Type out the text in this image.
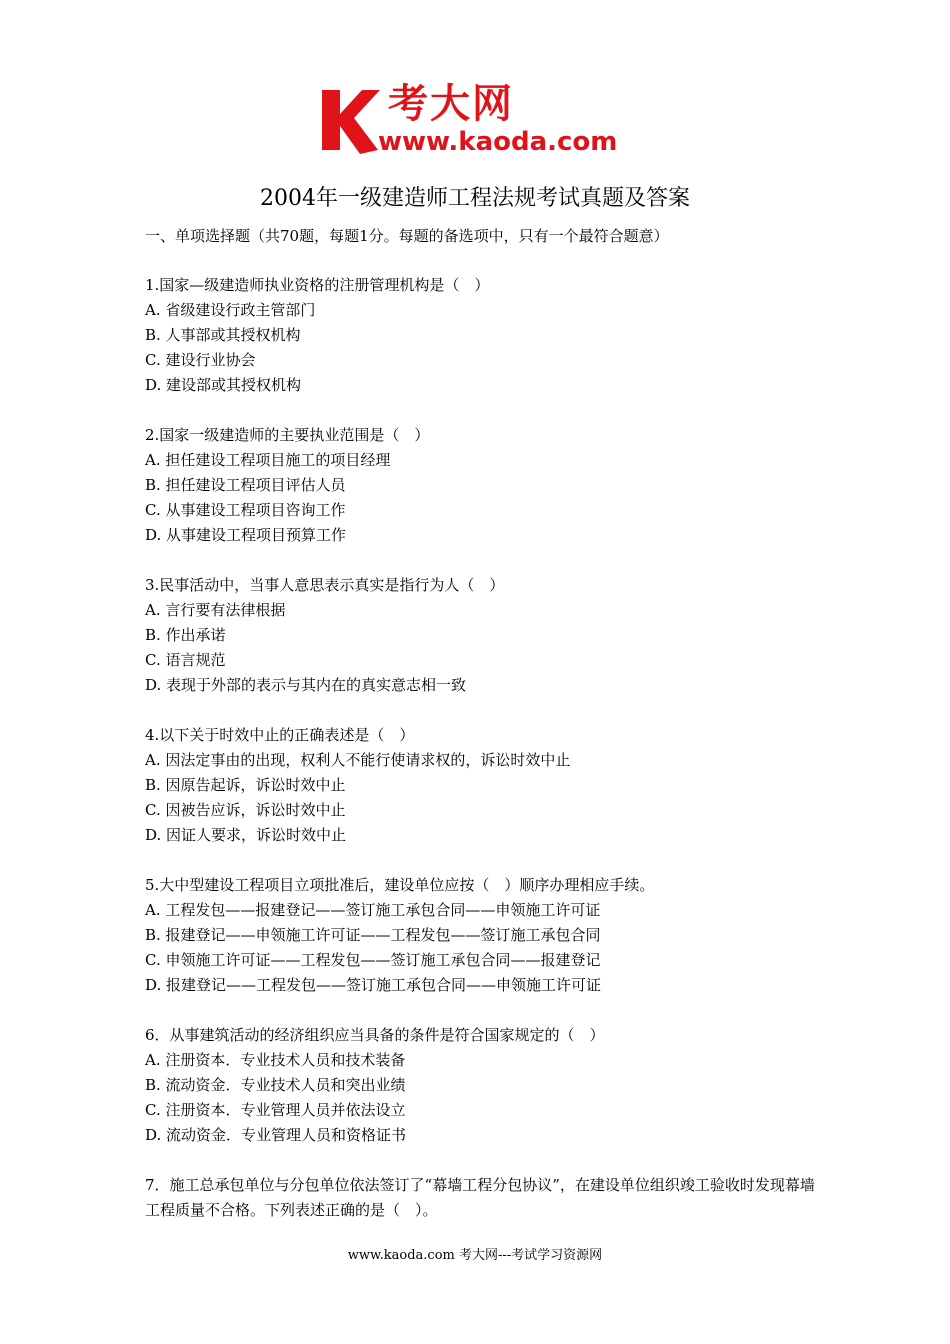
考大网
www.kaoda.com
2004年一级建造师工程法规考试真题及答案
一、单项选择题（共70题，每题1分。每题的备选项中，只有一个最符合题意）
1.国家—级建造师执业资格的注册管理机构是（　）
A. 省级建设行政主管部门
B. 人事部或其授权机构
C. 建设行业协会
D. 建设部或其授权机构
2.国家一级建造师的主要执业范围是（　）
A. 担任建设工程项目施工的项目经理
B. 担任建设工程项目评估人员
C. 从事建设工程项目咨询工作
D. 从事建设工程项目预算工作
3.民事活动中，当事人意思表示真实是指行为人（　）
A. 言行要有法律根据
B. 作出承诺
C. 语言规范
D. 表现于外部的表示与其内在的真实意志相一致
4.以下关于时效中止的正确表述是（　）
A. 因法定事由的出现，权利人不能行使请求权的，诉讼时效中止
B. 因原告起诉，诉讼时效中止
C. 因被告应诉，诉讼时效中止
D. 因证人要求，诉讼时效中止
5.大中型建设工程项目立项批准后，建设单位应按（　）顺序办理相应手续。
A. 工程发包——报建登记——签订施工承包合同——申领施工许可证
B. 报建登记——申领施工许可证——工程发包——签订施工承包合同
C. 申领施工许可证——工程发包——签订施工承包合同——报建登记
D. 报建登记——工程发包——签订施工承包合同——申领施工许可证
6．从事建筑活动的经济组织应当具备的条件是符合国家规定的（　）
A. 注册资本．专业技术人员和技术装备
B. 流动资金．专业技术人员和突出业绩
C. 注册资本．专业管理人员并依法设立
D. 流动资金．专业管理人员和资格证书
7．施工总承包单位与分包单位依法签订了“幕墙工程分包协议”，在建设单位组织竣工验收时发现幕墙工程质量不合格。下列表述正确的是（　）。
www.kaoda.com 考大网---考试学习资源网
